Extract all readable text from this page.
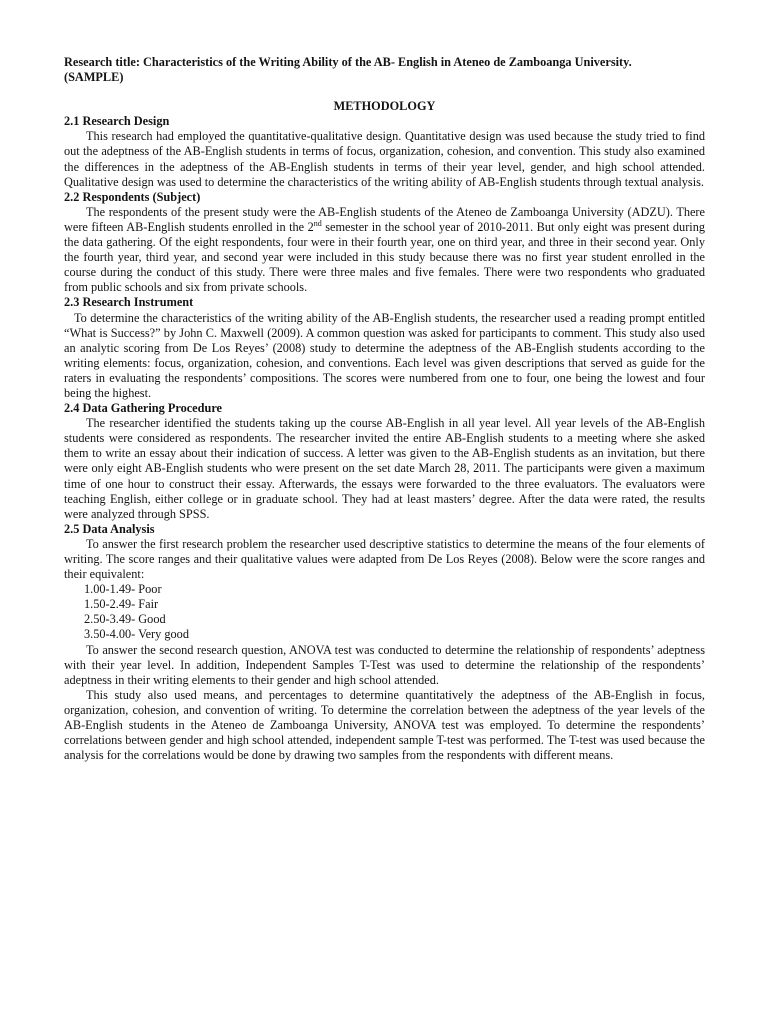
Research title: Characteristics of the Writing Ability of the AB- English in Ateneo de Zamboanga University.
(SAMPLE)
METHODOLOGY
2.1 Research Design

This research had employed the quantitative-qualitative design. Quantitative design was used because the study tried to find out the adeptness of the AB-English students in terms of focus, organization, cohesion, and convention. This study also examined the differences in the adeptness of the AB-English students in terms of their year level, gender, and high school attended. Qualitative design was used to determine the characteristics of the writing ability of AB-English students through textual analysis.

2.2 Respondents (Subject)

The respondents of the present study were the AB-English students of the Ateneo de Zamboanga University (ADZU). There were fifteen AB-English students enrolled in the 2nd semester in the school year of 2010-2011. But only eight was present during the data gathering. Of the eight respondents, four were in their fourth year, one on third year, and three in their second year. Only the fourth year, third year, and second year were included in this study because there was no first year student enrolled in the course during the conduct of this study. There were three males and five females. There were two respondents who graduated from public schools and six from private schools.

2.3 Research Instrument

To determine the characteristics of the writing ability of the AB-English students, the researcher used a reading prompt entitled “What is Success?” by John C. Maxwell (2009). A common question was asked for participants to comment. This study also used an analytic scoring from De Los Reyes’ (2008) study to determine the adeptness of the AB-English students according to the writing elements: focus, organization, cohesion, and conventions. Each level was given descriptions that served as guide for the raters in evaluating the respondents’ compositions. The scores were numbered from one to four, one being the lowest and four being the highest.

2.4 Data Gathering Procedure

The researcher identified the students taking up the course AB-English in all year level. All year levels of the AB-English students were considered as respondents. The researcher invited the entire AB-English students to a meeting where she asked them to write an essay about their indication of success. A letter was given to the AB-English students as an invitation, but there were only eight AB-English students who were present on the set date March 28, 2011. The participants were given a maximum time of one hour to construct their essay. Afterwards, the essays were forwarded to the three evaluators. The evaluators were teaching English, either college or in graduate school. They had at least masters’ degree. After the data were rated, the results were analyzed through SPSS.

2.5 Data Analysis

To answer the first research problem the researcher used descriptive statistics to determine the means of the four elements of writing. The score ranges and their qualitative values were adapted from De Los Reyes (2008). Below were the score ranges and their equivalent:

1.00-1.49- Poor
1.50-2.49- Fair
2.50-3.49- Good
3.50-4.00- Very good

To answer the second research question, ANOVA test was conducted to determine the relationship of respondents’ adeptness with their year level. In addition, Independent Samples T-Test was used to determine the relationship of the respondents’ adeptness in their writing elements to their gender and high school attended.

This study also used means, and percentages to determine quantitatively the adeptness of the AB-English in focus, organization, cohesion, and convention of writing. To determine the correlation between the adeptness of the year levels of the AB-English students in the Ateneo de Zamboanga University, ANOVA test was employed. To determine the respondents’ correlations between gender and high school attended, independent sample T-test was performed. The T-test was used because the analysis for the correlations would be done by drawing two samples from the respondents with different means.
